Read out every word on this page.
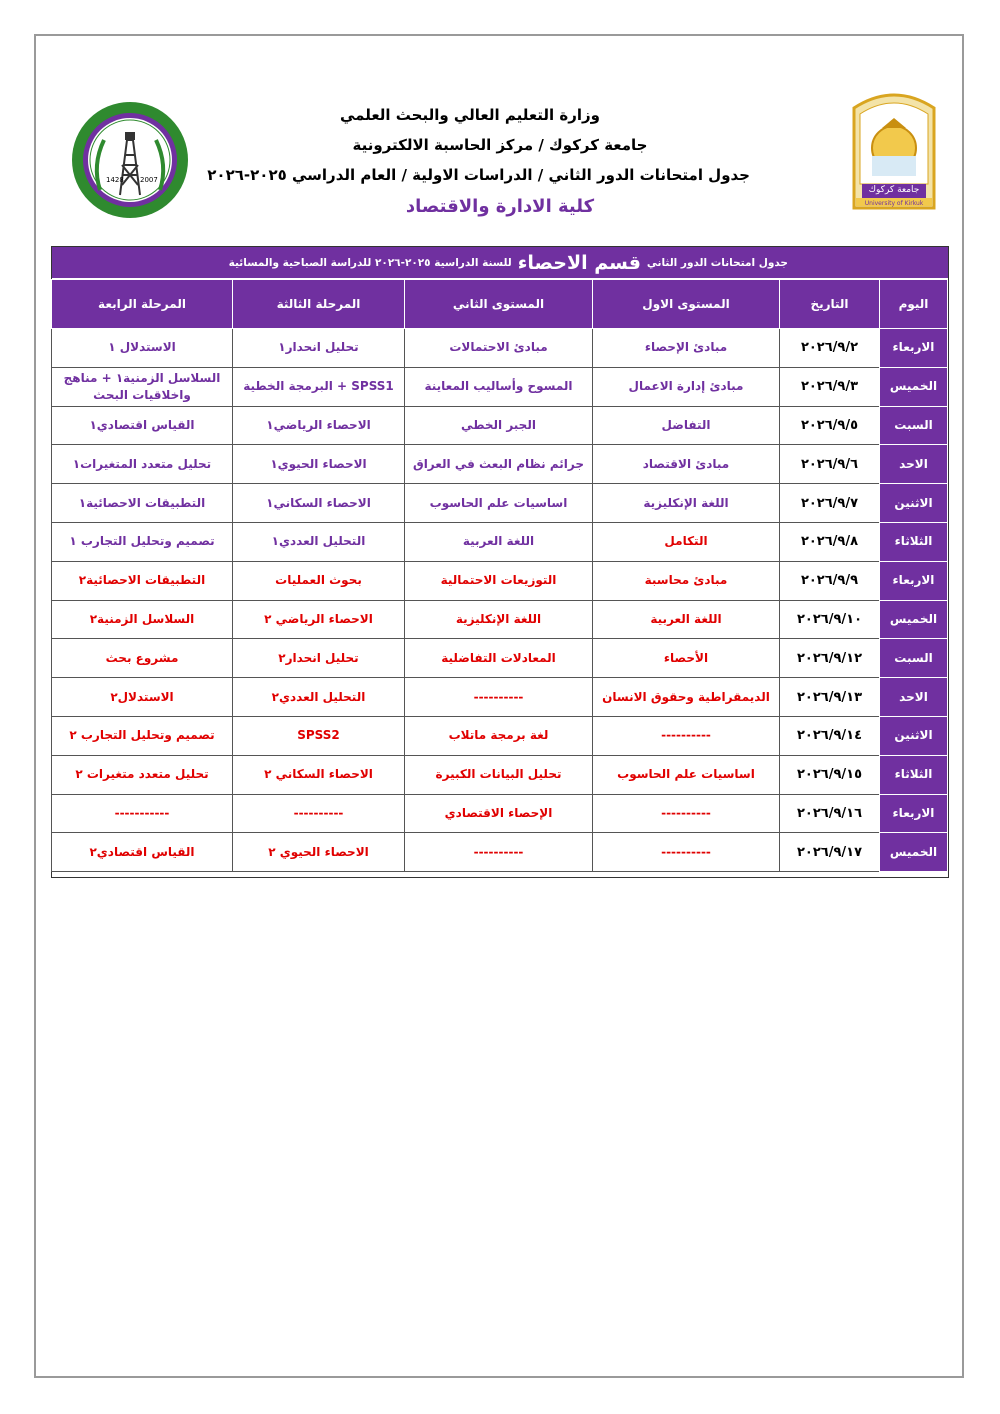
1428 2007
جامعة كركوك
University of Kirkuk
وزارة التعليم العالي والبحث العلمي
جامعة كركوك / مركز الحاسبة الالكترونية
جدول امتحانات الدور الثاني / الدراسات الاولية / العام الدراسي ٢٠٢٥-٢٠٢٦
كلية الادارة والاقتصاد
جدول امتحانات الدور الثاني
قسم الاحصاء
للسنة الدراسية ٢٠٢٥-٢٠٢٦ للدراسة الصباحية والمسائية
اليوم	التاريخ	المستوى الاول	المستوى الثاني	المرحلة الثالثة	المرحلة الرابعة
الاربعاء	٢٠٢٦/٩/٢	مبادئ الإحصاء	مبادئ الاحتمالات	تحليل انحدار١	الاستدلال ١
الخميس	٢٠٢٦/٩/٣	مبادئ إدارة الاعمال	المسوح وأساليب المعاينة	SPSS1 + البرمجة الخطية	السلاسل الزمنية١ + مناهج واخلاقيات البحث
السبت	٢٠٢٦/٩/٥	التفاضل	الجبر الخطي	الاحصاء الرياضي١	القياس اقتصادي١
الاحد	٢٠٢٦/٩/٦	مبادئ الاقتصاد	جرائم نظام البعث في العراق	الاحصاء الحيوي١	تحليل متعدد المتغيرات١
الاثنين	٢٠٢٦/٩/٧	اللغة الإنكليزية	اساسيات علم الحاسوب	الاحصاء السكاني١	التطبيقات الاحصائية١
الثلاثاء	٢٠٢٦/٩/٨	التكامل	اللغة العربية	التحليل العددي١	تصميم وتحليل التجارب ١
الاربعاء	٢٠٢٦/٩/٩	مبادئ محاسبة	التوزيعات الاحتمالية	بحوث العمليات	التطبيقات الاحصائية٢
الخميس	٢٠٢٦/٩/١٠	اللغة العربية	اللغة الإنكليزية	الاحصاء الرياضي ٢	السلاسل الزمنية٢
السبت	٢٠٢٦/٩/١٢	الأحصاء	المعادلات التفاضلية	تحليل انحدار٢	مشروع بحث
الاحد	٢٠٢٦/٩/١٣	الديمقراطية وحقوق الانسان	----------	التحليل العددي٢	الاستدلال٢
الاثنين	٢٠٢٦/٩/١٤	----------	لغة برمجة ماتلاب	SPSS2	تصميم وتحليل التجارب ٢
الثلاثاء	٢٠٢٦/٩/١٥	اساسيات علم الحاسوب	تحليل البيانات الكبيرة	الاحصاء السكاني ٢	تحليل متعدد متغيرات ٢
الاربعاء	٢٠٢٦/٩/١٦	----------	الإحصاء الاقتصادي	----------	-----------
الخميس	٢٠٢٦/٩/١٧	----------	----------	الاحصاء الحيوي ٢	القياس اقتصادي٢
